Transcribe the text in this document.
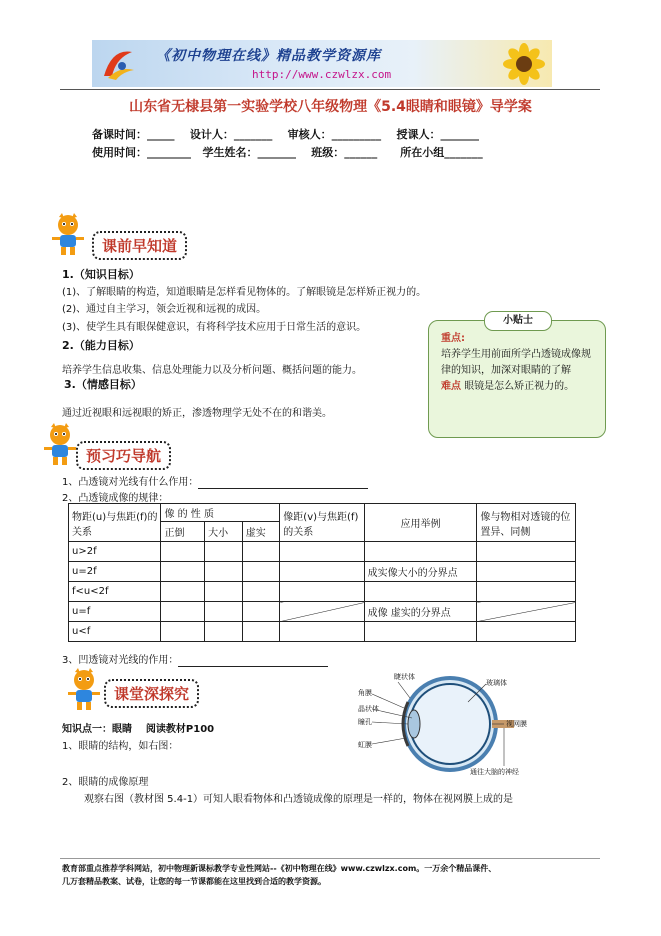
《初中物理在线》精品教学资源库
http://www.czwlzx.com
山东省无棣县第一实验学校八年级物理《5.4眼睛和眼镜》导学案
备课时间：_____    设计人：_______    审核人：_________    授课人：_______
使用时间：________   学生姓名：_______    班级：______      所在小组_______
课前早知道
1.（知识目标）
(1)、了解眼睛的构造，知道眼睛是怎样看见物体的。了解眼镜是怎样矫正视力的。
(2)、通过自主学习，领会近视和远视的成因。
(3)、使学生具有眼保健意识，有将科学技术应用于日常生活的意识。
2.（能力目标）
培养学生信息收集、信息处理能力以及分析问题、概括问题的能力。
3.（情感目标）
通过近视眼和远视眼的矫正，渗透物理学无处不在的和谐美。
重点:
培养学生用前面所学凸透镜成像规律的知识，加深对眼睛的了解
难点 眼镜是怎么矫正视力的。
小贴士
预习巧导航
1、凸透镜对光线有什么作用：
2、凸透镜成像的规律：
物距(u)与焦距(f)的关系	像 的 性 质			像距(v)与焦距(f)的关系	应用举例	像与物相对透镜的位置异、同侧
	正倒	大小	虚实			
u>2f						
u=2f					成实像大小的分界点	
f<u<2f						
u=f					成像 虚实的分界点	
u<f						
3、凹透镜对光线的作用：
课堂深探究
知识点一：眼睛    阅读教材P100
1、眼睛的结构，如右图：
2、眼睛的成像原理
观察右图（教材图 5.4-1）可知人眼看物体和凸透镜成像的原理是一样的，物体在视网膜上成的是
睫状体
角膜
晶状体
瞳孔
虹膜
玻璃体
视网膜
通往大脑的神经
教育部重点推荐学科网站，初中物理新课标教学专业性网站--《初中物理在线》www.czwlzx.com。一万余个精品课件、
几万套精品教案、试卷，让您的每一节课都能在这里找到合适的教学资源。
